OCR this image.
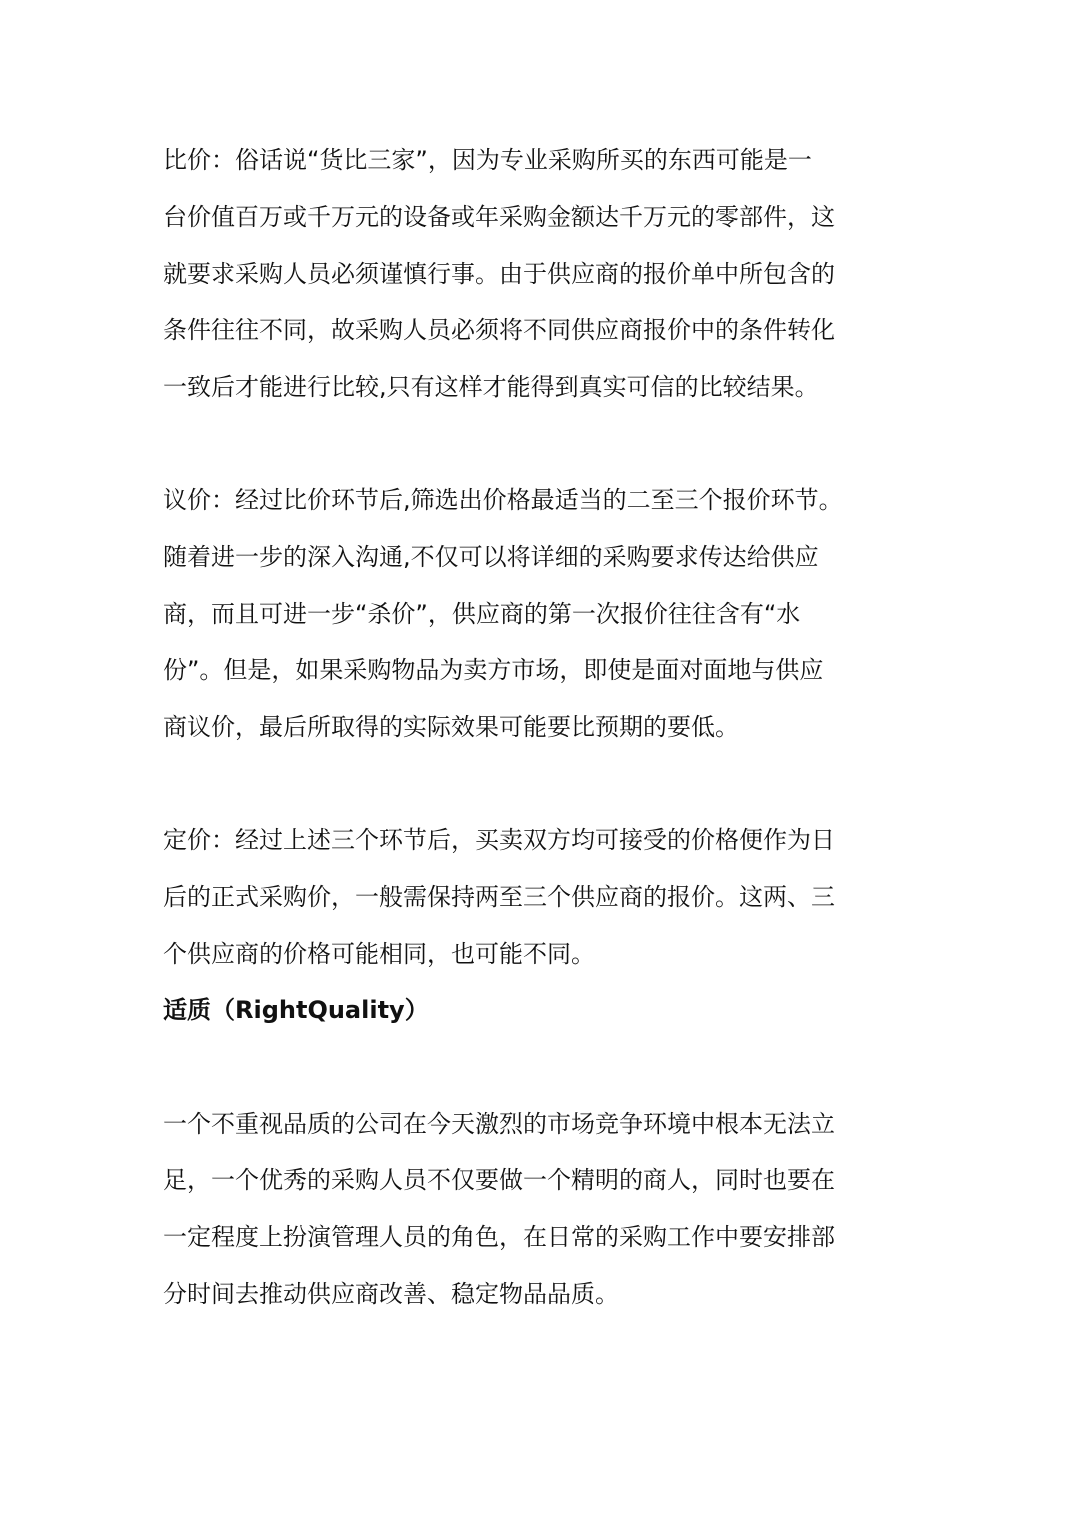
比价：俗话说“货比三家”，因为专业采购所买的东西可能是一

台价值百万或千万元的设备或年采购金额达千万元的零部件，这

就要求采购人员必须谨慎行事。由于供应商的报价单中所包含的

条件往往不同，故采购人员必须将不同供应商报价中的条件转化

一致后才能进行比较,只有这样才能得到真实可信的比较结果。

议价：经过比价环节后,筛选出价格最适当的二至三个报价环节。

随着进一步的深入沟通,不仅可以将详细的采购要求传达给供应

商，而且可进一步“杀价”，供应商的第一次报价往往含有“水

份”。但是，如果采购物品为卖方市场，即使是面对面地与供应

商议价，最后所取得的实际效果可能要比预期的要低。

定价：经过上述三个环节后，买卖双方均可接受的价格便作为日

后的正式采购价，一般需保持两至三个供应商的报价。这两、三

个供应商的价格可能相同，也可能不同。

适质（RightQuality）

一个不重视品质的公司在今天激烈的市场竞争环境中根本无法立

足，一个优秀的采购人员不仅要做一个精明的商人，同时也要在

一定程度上扮演管理人员的角色，在日常的采购工作中要安排部

分时间去推动供应商改善、稳定物品品质。
